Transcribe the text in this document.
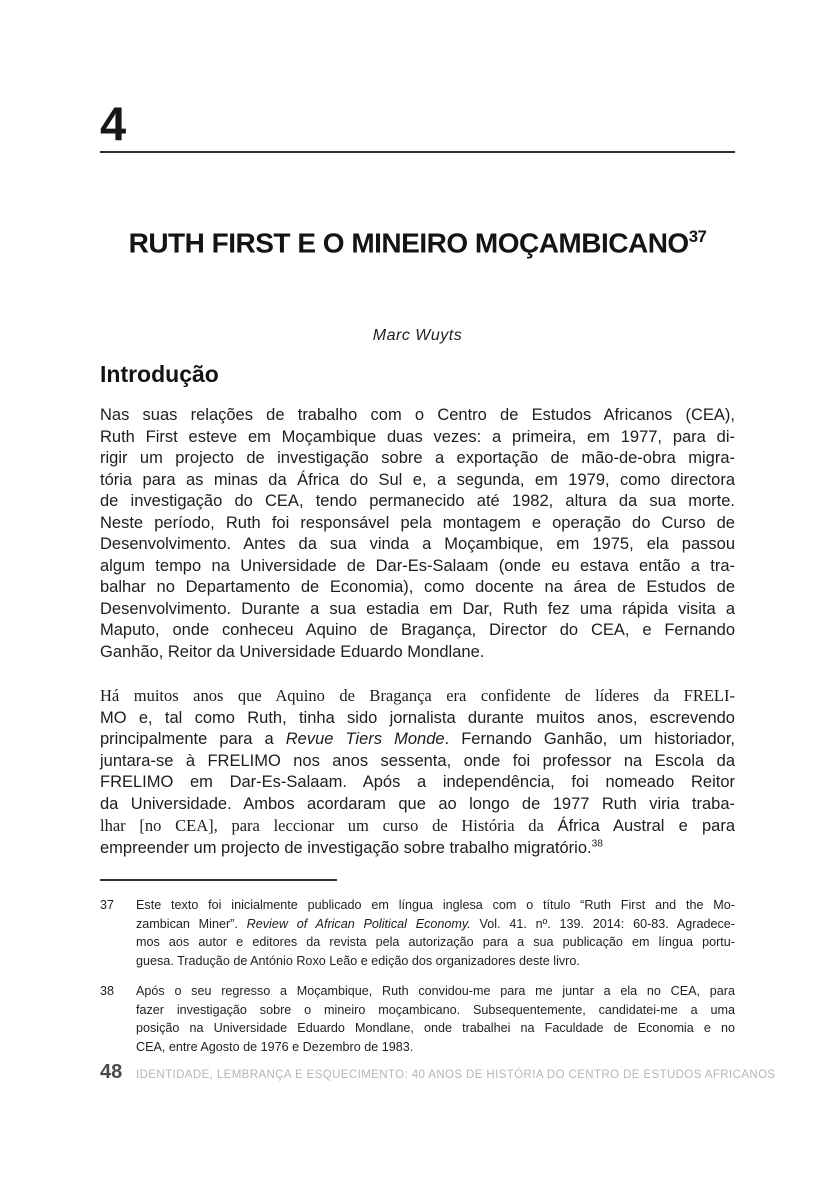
4
RUTH FIRST E O MINEIRO MOÇAMBICANO$^{37}$
Marc Wuyts
Introdução
Nas suas relações de trabalho com o Centro de Estudos Africanos (CEA),
Ruth First esteve em Moçambique duas vezes: a primeira, em 1977, para di-
rigir um projecto de investigação sobre a exportação de mão-de-obra migra-
tória para as minas da África do Sul e, a segunda, em 1979, como directora
de investigação do CEA, tendo permanecido até 1982, altura da sua morte.
Neste período, Ruth foi responsável pela montagem e operação do Curso de
Desenvolvimento. Antes da sua vinda a Moçambique, em 1975, ela passou
algum tempo na Universidade de Dar-Es-Salaam (onde eu estava então a tra-
balhar no Departamento de Economia), como docente na área de Estudos de
Desenvolvimento. Durante a sua estadia em Dar, Ruth fez uma rápida visita a
Maputo, onde conheceu Aquino de Bragança, Director do CEA, e Fernando
Ganhão, Reitor da Universidade Eduardo Mondlane.
Há muitos anos que Aquino de Bragança era confidente de líderes da FRELI-
MO e, tal como Ruth, tinha sido jornalista durante muitos anos, escrevendo
principalmente para a Revue Tiers Monde. Fernando Ganhão, um historiador,
juntara-se à FRELIMO nos anos sessenta, onde foi professor na Escola da
FRELIMO em Dar-Es-Salaam. Após a independência, foi nomeado Reitor
da Universidade. Ambos acordaram que ao longo de 1977 Ruth viria traba-
lhar [no CEA], para leccionar um curso de História da África Austral e para
empreender um projecto de investigação sobre trabalho migratório.$^{38}$
37	Este texto foi inicialmente publicado em língua inglesa com o título “Ruth First and the Mo-
zambican Miner”. Review of African Political Economy. Vol. 41. nº. 139. 2014: 60-83. Agradece-
mos aos autor e editores da revista pela autorização para a sua publicação em língua portu-
guesa. Tradução de António Roxo Leão e edição dos organizadores deste livro.
38	Após o seu regresso a Moçambique, Ruth convidou-me para me juntar a ela no CEA, para
fazer investigação sobre o mineiro moçambicano. Subsequentemente, candidatei-me a uma
posição na Universidade Eduardo Mondlane, onde trabalhei na Faculdade de Economia e no
CEA, entre Agosto de 1976 e Dezembro de 1983.
48	IDENTIDADE, LEMBRANÇA E ESQUECIMENTO: 40 ANOS DE HISTÓRIA DO CENTRO DE ESTUDOS AFRICANOS
